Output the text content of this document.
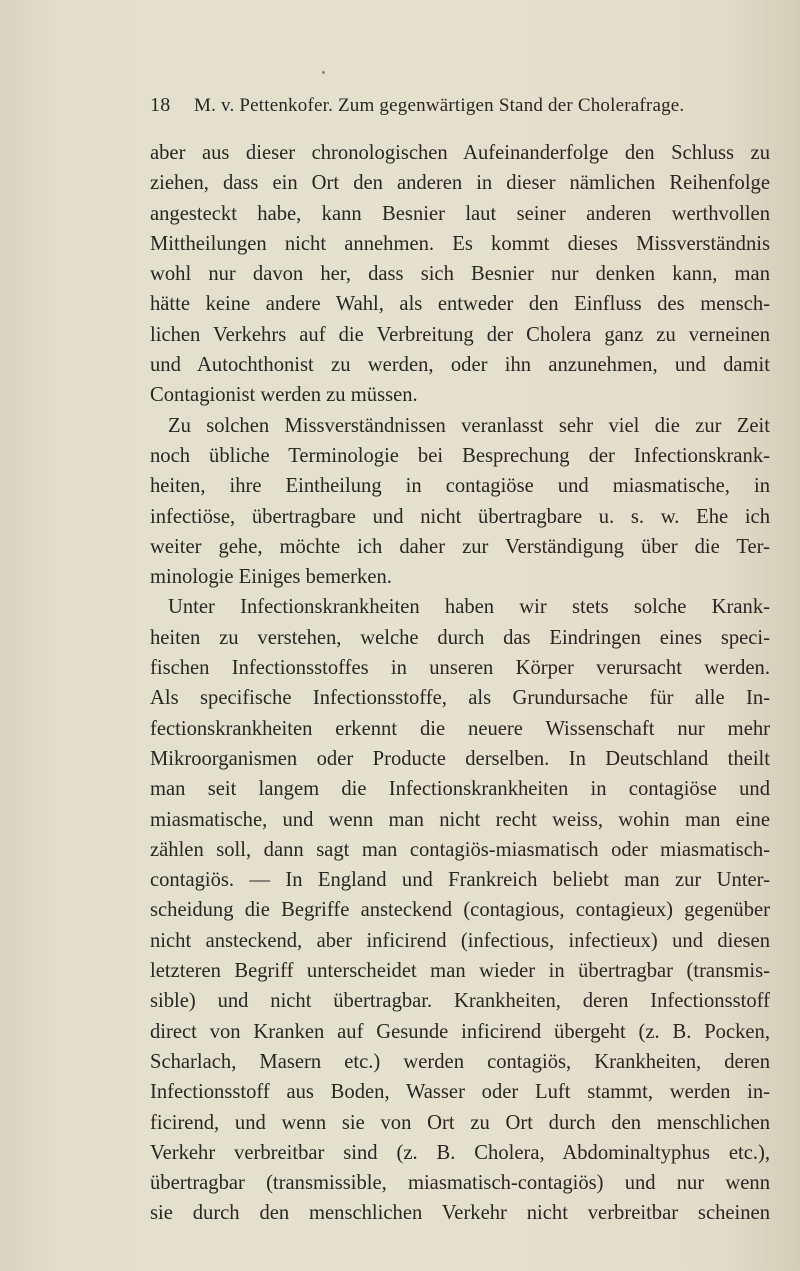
18 M. v. Pettenkofer. Zum gegenwärtigen Stand der Cholerafrage.
aber aus dieser chronologischen Aufeinanderfolge den Schluss zu
ziehen, dass ein Ort den anderen in dieser nämlichen Reihenfolge
angesteckt habe, kann Besnier laut seiner anderen werthvollen
Mittheilungen nicht annehmen. Es kommt dieses Missverständnis
wohl nur davon her, dass sich Besnier nur denken kann, man
hätte keine andere Wahl, als entweder den Einfluss des mensch-
lichen Verkehrs auf die Verbreitung der Cholera ganz zu verneinen
und Autochthonist zu werden, oder ihn anzunehmen, und damit
Contagionist werden zu müssen.
Zu solchen Missverständnissen veranlasst sehr viel die zur Zeit
noch übliche Terminologie bei Besprechung der Infectionskrank-
heiten, ihre Eintheilung in contagiöse und miasmatische, in
infectiöse, übertragbare und nicht übertragbare u. s. w. Ehe ich
weiter gehe, möchte ich daher zur Verständigung über die Ter-
minologie Einiges bemerken.
Unter Infectionskrankheiten haben wir stets solche Krank-
heiten zu verstehen, welche durch das Eindringen eines speci-
fischen Infectionsstoffes in unseren Körper verursacht werden.
Als specifische Infectionsstoffe, als Grundursache für alle In-
fectionskrankheiten erkennt die neuere Wissenschaft nur mehr
Mikroorganismen oder Producte derselben. In Deutschland theilt
man seit langem die Infectionskrankheiten in contagiöse und
miasmatische, und wenn man nicht recht weiss, wohin man eine
zählen soll, dann sagt man contagiös-miasmatisch oder miasmatisch-
contagiös. — In England und Frankreich beliebt man zur Unter-
scheidung die Begriffe ansteckend (contagious, contagieux) gegenüber
nicht ansteckend, aber inficirend (infectious, infectieux) und diesen
letzteren Begriff unterscheidet man wieder in übertragbar (transmis-
sible) und nicht übertragbar. Krankheiten, deren Infectionsstoff
direct von Kranken auf Gesunde inficirend übergeht (z. B. Pocken,
Scharlach, Masern etc.) werden contagiös, Krankheiten, deren
Infectionsstoff aus Boden, Wasser oder Luft stammt, werden in-
ficirend, und wenn sie von Ort zu Ort durch den menschlichen
Verkehr verbreitbar sind (z. B. Cholera, Abdominaltyphus etc.),
übertragbar (transmissible, miasmatisch-contagiös) und nur wenn
sie durch den menschlichen Verkehr nicht verbreitbar scheinen
